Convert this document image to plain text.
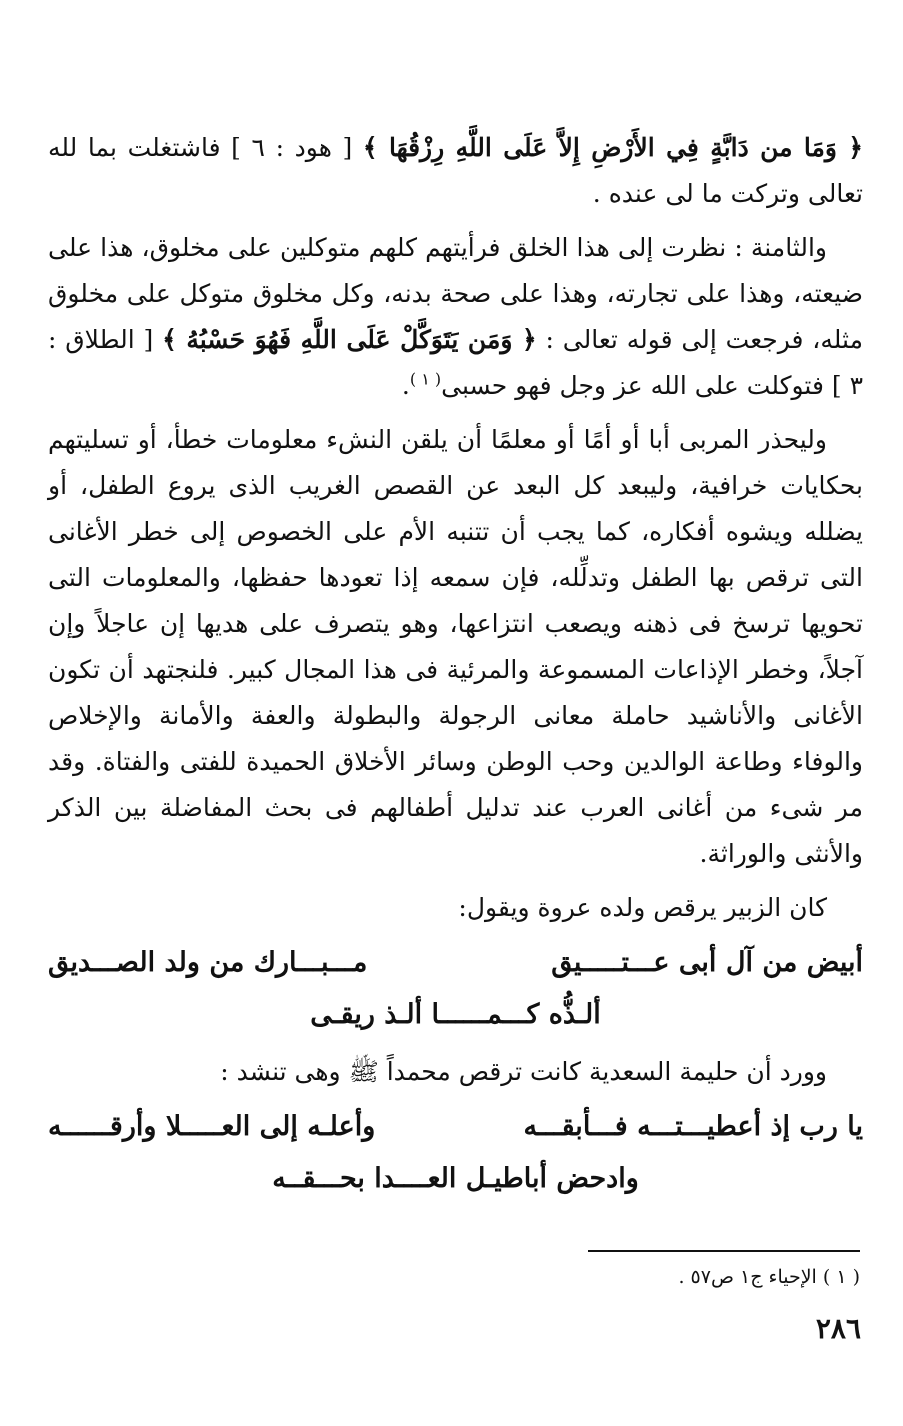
﴿ وَمَا من دَابَّةٍ فِي الأَرْضِ إِلاَّ عَلَى اللَّهِ رِزْقُهَا ﴾ [ هود : ٦ ] فاشتغلت بما لله تعالى وتركت ما لى عنده .

والثامنة : نظرت إلى هذا الخلق فرأيتهم كلهم متوكلين على مخلوق، هذا على ضيعته، وهذا على تجارته، وهذا على صحة بدنه، وكل مخلوق متوكل على مخلوق مثله، فرجعت إلى قوله تعالى : ﴿ وَمَن يَتَوَكَّلْ عَلَى اللَّهِ فَهُوَ حَسْبُهُ ﴾ [ الطلاق : ٣ ] فتوكلت على الله عز وجل فهو حسبى$^{( ١ )}$.

وليحذر المربى أبا أو أمًا أو معلمًا أن يلقن النشء معلومات خطأ، أو تسليتهم بحكايات خرافية، وليبعد كل البعد عن القصص الغريب الذى يروع الطفل، أو يضلله ويشوه أفكاره، كما يجب أن تتنبه الأم على الخصوص إلى خطر الأغانى التى ترقص بها الطفل وتدلِّله، فإن سمعه إذا تعودها حفظها، والمعلومات التى تحويها ترسخ فى ذهنه ويصعب انتزاعها، وهو يتصرف على هديها إن عاجلاً وإن آجلاً، وخطر الإذاعات المسموعة والمرئية فى هذا المجال كبير. فلنجتهد أن تكون الأغانى والأناشيد حاملة معانى الرجولة والبطولة والعفة والأمانة والإخلاص والوفاء وطاعة الوالدين وحب الوطن وسائر الأخلاق الحميدة للفتى والفتاة. وقد مر شىء من أغانى العرب عند تدليل أطفالهم فى بحث المفاضلة بين الذكر والأنثى والوراثة.

كان الزبير يرقص ولده عروة ويقول:

أبيض من آل أبى عـــتـــــيق
مـــبـــارك من ولد الصـــديق
ألـذُّه كـــمــــــا ألـذ ريقـى

وورد أن حليمة السعدية كانت ترقص محمداً ﷺ وهى تنشد :

يا رب إذ أعطيـــتـــه فـــأبقـــه
وأعلـه إلى العـــــلا وأرقــــــه
وادحض أباطيـل العــــدا بحـــقــه
( ١ ) الإحياء ج١ ص٥٧ .
٢٨٦
